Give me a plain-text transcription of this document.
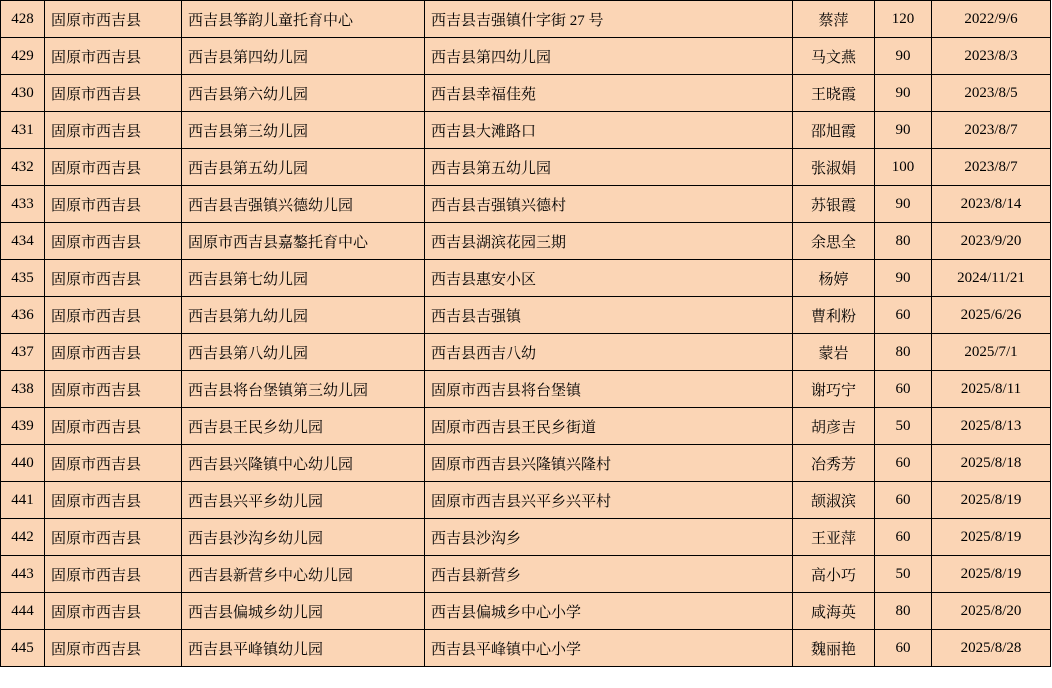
428	固原市西吉县	西吉县筝韵儿童托育中心	西吉县吉强镇什字街 27 号	蔡萍	120	2022/9/6
429	固原市西吉县	西吉县第四幼儿园	西吉县第四幼儿园	马文燕	90	2023/8/3
430	固原市西吉县	西吉县第六幼儿园	西吉县幸福佳苑	王晓霞	90	2023/8/5
431	固原市西吉县	西吉县第三幼儿园	西吉县大滩路口	邵旭霞	90	2023/8/7
432	固原市西吉县	西吉县第五幼儿园	西吉县第五幼儿园	张淑娟	100	2023/8/7
433	固原市西吉县	西吉县吉强镇兴德幼儿园	西吉县吉强镇兴德村	苏银霞	90	2023/8/14
434	固原市西吉县	固原市西吉县嘉鏊托育中心	西吉县湖滨花园三期	余思全	80	2023/9/20
435	固原市西吉县	西吉县第七幼儿园	西吉县惠安小区	杨婷	90	2024/11/21
436	固原市西吉县	西吉县第九幼儿园	西吉县吉强镇	曹利粉	60	2025/6/26
437	固原市西吉县	西吉县第八幼儿园	西吉县西吉八幼	蒙岩	80	2025/7/1
438	固原市西吉县	西吉县将台堡镇第三幼儿园	固原市西吉县将台堡镇	谢巧宁	60	2025/8/11
439	固原市西吉县	西吉县王民乡幼儿园	固原市西吉县王民乡街道	胡彦吉	50	2025/8/13
440	固原市西吉县	西吉县兴隆镇中心幼儿园	固原市西吉县兴隆镇兴隆村	冶秀芳	60	2025/8/18
441	固原市西吉县	西吉县兴平乡幼儿园	固原市西吉县兴平乡兴平村	颉淑滨	60	2025/8/19
442	固原市西吉县	西吉县沙沟乡幼儿园	西吉县沙沟乡	王亚萍	60	2025/8/19
443	固原市西吉县	西吉县新营乡中心幼儿园	西吉县新营乡	高小巧	50	2025/8/19
444	固原市西吉县	西吉县偏城乡幼儿园	西吉县偏城乡中心小学	咸海英	80	2025/8/20
445	固原市西吉县	西吉县平峰镇幼儿园	西吉县平峰镇中心小学	魏丽艳	60	2025/8/28
